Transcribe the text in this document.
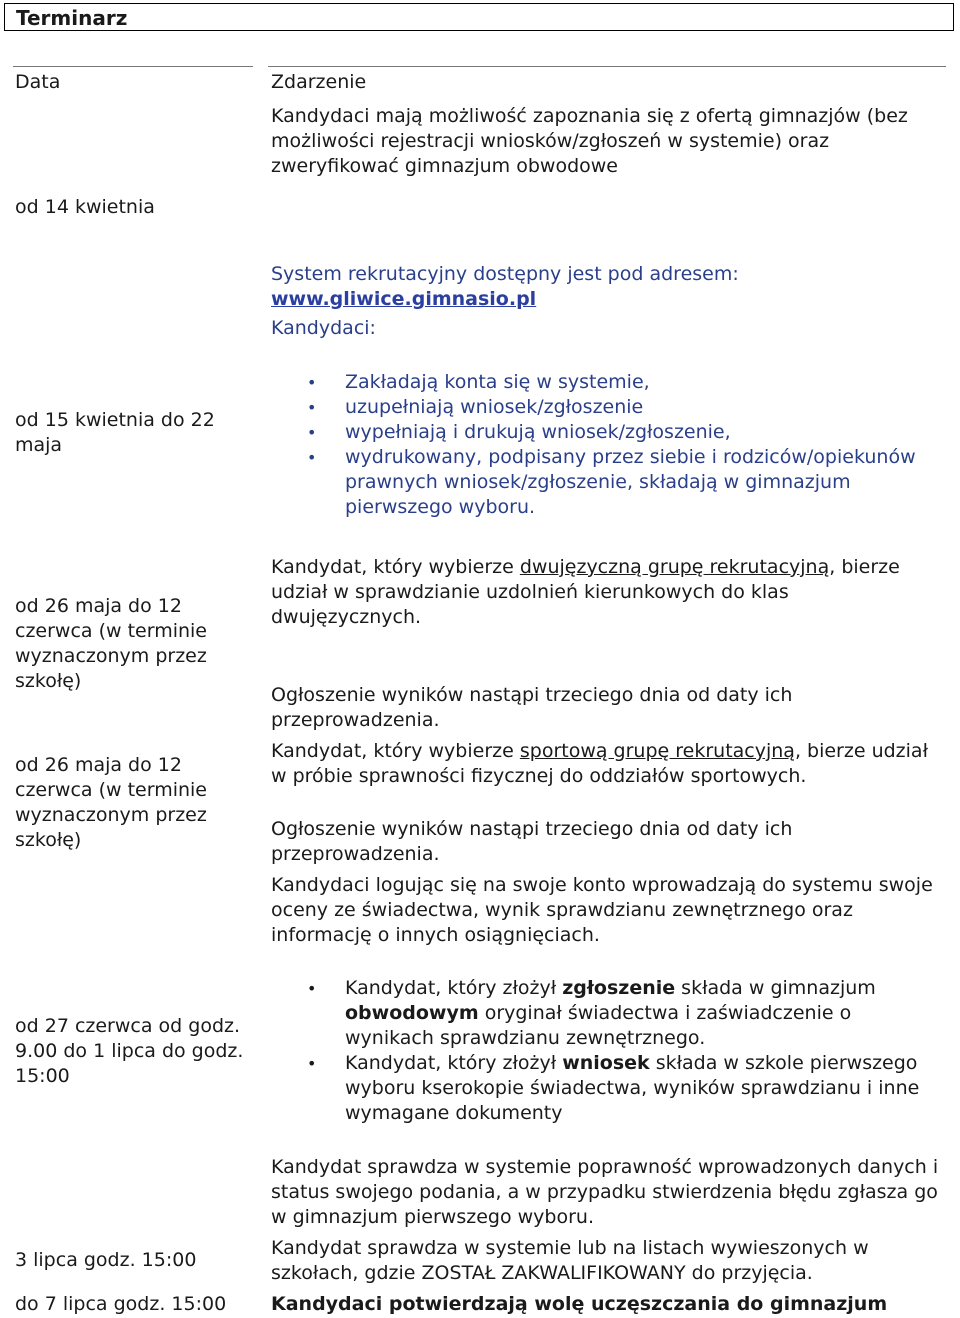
Terminarz
Data	Zdarzenie
Kandydaci mają możliwość zapoznania się z ofertą gimnazjów (bez możliwości rejestracji wniosków/zgłoszeń w systemie) oraz zweryfikować gimnazjum obwodowe
od 14 kwietnia
System rekrutacyjny dostępny jest pod adresem:
www.gliwice.gimnasio.pl
Kandydaci:
od 15 kwietnia do 22
maja
• Zakładają konta się w systemie,
• uzupełniają wniosek/zgłoszenie
• wypełniają i drukują wniosek/zgłoszenie,
• wydrukowany, podpisany przez siebie i rodziców/opiekunów prawnych wniosek/zgłoszenie, składają w gimnazjum pierwszego wyboru.
Kandydat, który wybierze dwujęzyczną grupę rekrutacyjną, bierze udział w sprawdzianie uzdolnień kierunkowych do klas dwujęzycznych.
od 26 maja do 12 czerwca (w terminie wyznaczonym przez szkołę)
Ogłoszenie wyników nastąpi trzeciego dnia od daty ich przeprowadzenia.
Kandydat, który wybierze sportową grupę rekrutacyjną, bierze udział w próbie sprawności fizycznej do oddziałów sportowych.
od 26 maja do 12 czerwca (w terminie wyznaczonym przez szkołę)	Ogłoszenie wyników nastąpi trzeciego dnia od daty ich przeprowadzenia.
Kandydaci logując się na swoje konto wprowadzają do systemu swoje oceny ze świadectwa, wynik sprawdzianu zewnętrznego oraz informację o innych osiągnięciach.
• Kandydat, który złożył zgłoszenie składa w gimnazjum obwodowym oryginał świadectwa i zaświadczenie o wynikach sprawdzianu zewnętrznego.
• Kandydat, który złożył wniosek składa w szkole pierwszego wyboru kserokopie świadectwa, wyników sprawdzianu i inne wymagane dokumenty
od 27 czerwca od godz. 9.00 do 1 lipca do godz. 15:00
Kandydat sprawdza w systemie poprawność wprowadzonych danych i status swojego podania, a w przypadku stwierdzenia błędu zgłasza go w gimnazjum pierwszego wyboru.
Kandydat sprawdza w systemie lub na listach wywieszonych w szkołach, gdzie ZOSTAŁ ZAKWALIFIKOWANY do przyjęcia.
3 lipca godz. 15:00
do 7 lipca godz. 15:00 Kandydaci potwierdzają wolę uczęszczania do gimnazjum
